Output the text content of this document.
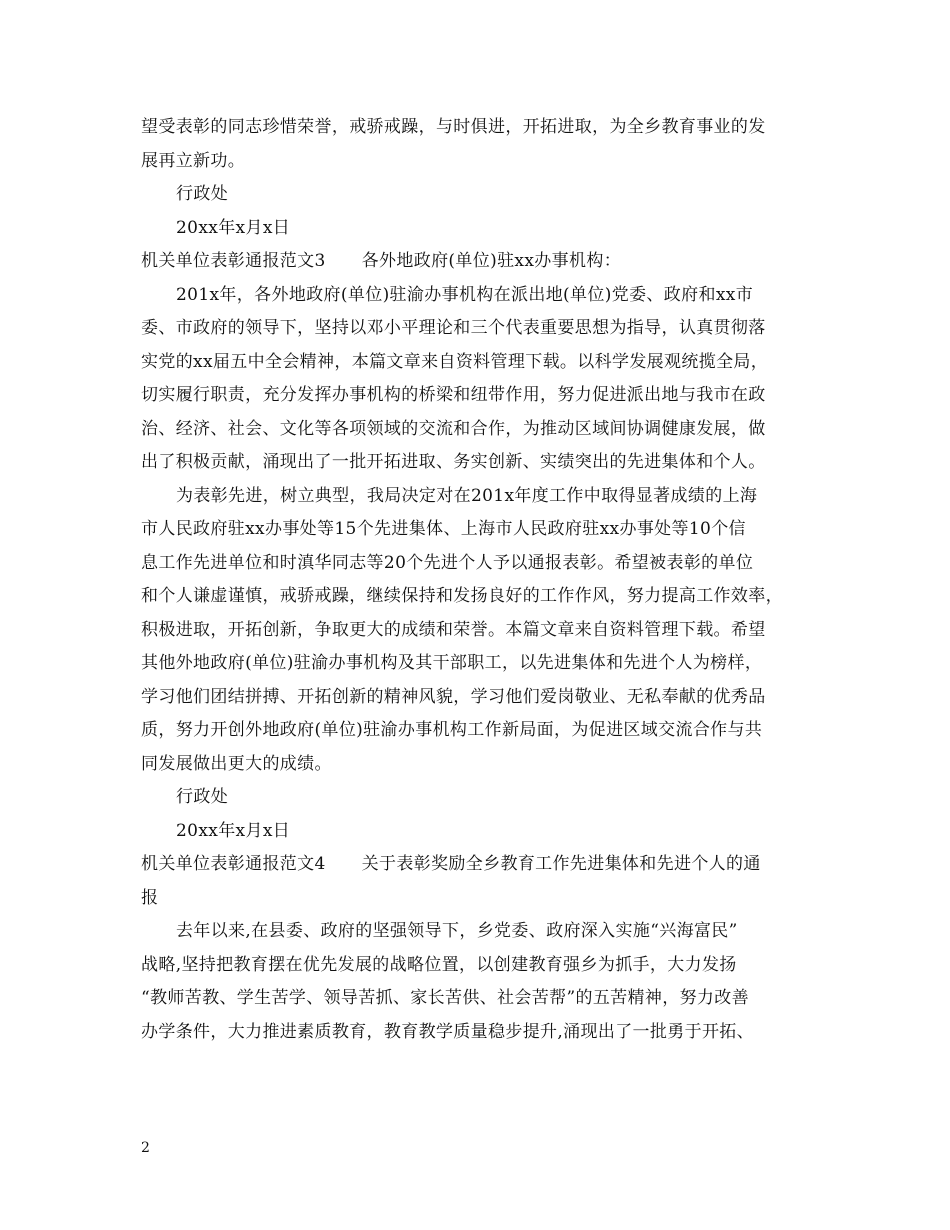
望受表彰的同志珍惜荣誉，戒骄戒躁，与时俱进，开拓进取，为全乡教育事业的发
展再立新功。
行政处
20xx年x月x日
机关单位表彰通报范文3 各外地政府(单位)驻xx办事机构：
201x年，各外地政府(单位)驻渝办事机构在派出地(单位)党委、政府和xx市
委、市政府的领导下，坚持以邓小平理论和三个代表重要思想为指导，认真贯彻落
实党的xx届五中全会精神，本篇文章来自资料管理下载。以科学发展观统揽全局，
切实履行职责，充分发挥办事机构的桥梁和纽带作用，努力促进派出地与我市在政
治、经济、社会、文化等各项领域的交流和合作，为推动区域间协调健康发展，做
出了积极贡献，涌现出了一批开拓进取、务实创新、实绩突出的先进集体和个人。
为表彰先进，树立典型，我局决定对在201x年度工作中取得显著成绩的上海
市人民政府驻xx办事处等15个先进集体、上海市人民政府驻xx办事处等10个信
息工作先进单位和时滇华同志等20个先进个人予以通报表彰。希望被表彰的单位
和个人谦虚谨慎，戒骄戒躁，继续保持和发扬良好的工作作风，努力提高工作效率，
积极进取，开拓创新，争取更大的成绩和荣誉。本篇文章来自资料管理下载。希望
其他外地政府(单位)驻渝办事机构及其干部职工，以先进集体和先进个人为榜样，
学习他们团结拼搏、开拓创新的精神风貌，学习他们爱岗敬业、无私奉献的优秀品
质，努力开创外地政府(单位)驻渝办事机构工作新局面，为促进区域交流合作与共
同发展做出更大的成绩。
行政处
20xx年x月x日
机关单位表彰通报范文4 关于表彰奖励全乡教育工作先进集体和先进个人的通
报
去年以来,在县委、政府的坚强领导下，乡党委、政府深入实施“兴海富民”
战略,坚持把教育摆在优先发展的战略位置，以创建教育强乡为抓手，大力发扬
“教师苦教、学生苦学、领导苦抓、家长苦供、社会苦帮”的五苦精神，努力改善
办学条件，大力推进素质教育，教育教学质量稳步提升,涌现出了一批勇于开拓、
2
